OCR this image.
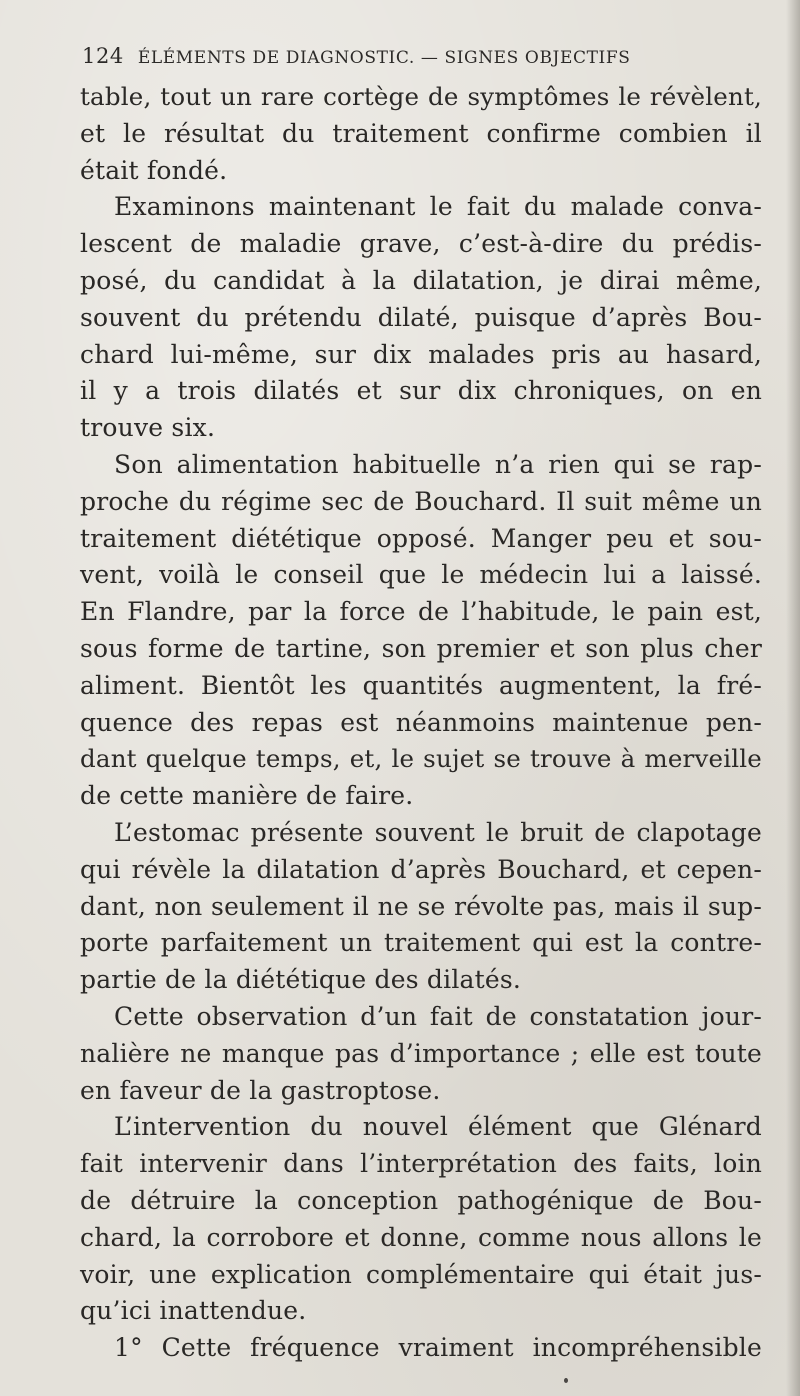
124 ÉLÉMENTS DE DIAGNOSTIC. — SIGNES OBJECTIFS
table, tout un rare cortège de symptômes le révèlent,
et le résultat du traitement confirme combien il
était fondé.
Examinons maintenant le fait du malade conva-
lescent de maladie grave, c’est-à-dire du prédis-
posé, du candidat à la dilatation, je dirai même,
souvent du prétendu dilaté, puisque d’après Bou-
chard lui-même, sur dix malades pris au hasard,
il y a trois dilatés et sur dix chroniques, on en
trouve six.
Son alimentation habituelle n’a rien qui se rap-
proche du régime sec de Bouchard. Il suit même un
traitement diététique opposé. Manger peu et sou-
vent, voilà le conseil que le médecin lui a laissé.
En Flandre, par la force de l’habitude, le pain est,
sous forme de tartine, son premier et son plus cher
aliment. Bientôt les quantités augmentent, la fré-
quence des repas est néanmoins maintenue pen-
dant quelque temps, et, le sujet se trouve à merveille
de cette manière de faire.
L’estomac présente souvent le bruit de clapotage
qui révèle la dilatation d’après Bouchard, et cepen-
dant, non seulement il ne se révolte pas, mais il sup-
porte parfaitement un traitement qui est la contre-
partie de la diététique des dilatés.
Cette observation d’un fait de constatation jour-
nalière ne manque pas d’importance ; elle est toute
en faveur de la gastroptose.
L’intervention du nouvel élément que Glénard
fait intervenir dans l’interprétation des faits, loin
de détruire la conception pathogénique de Bou-
chard, la corrobore et donne, comme nous allons le
voir, une explication complémentaire qui était jus-
qu’ici inattendue.
1° Cette fréquence vraiment incompréhensible
